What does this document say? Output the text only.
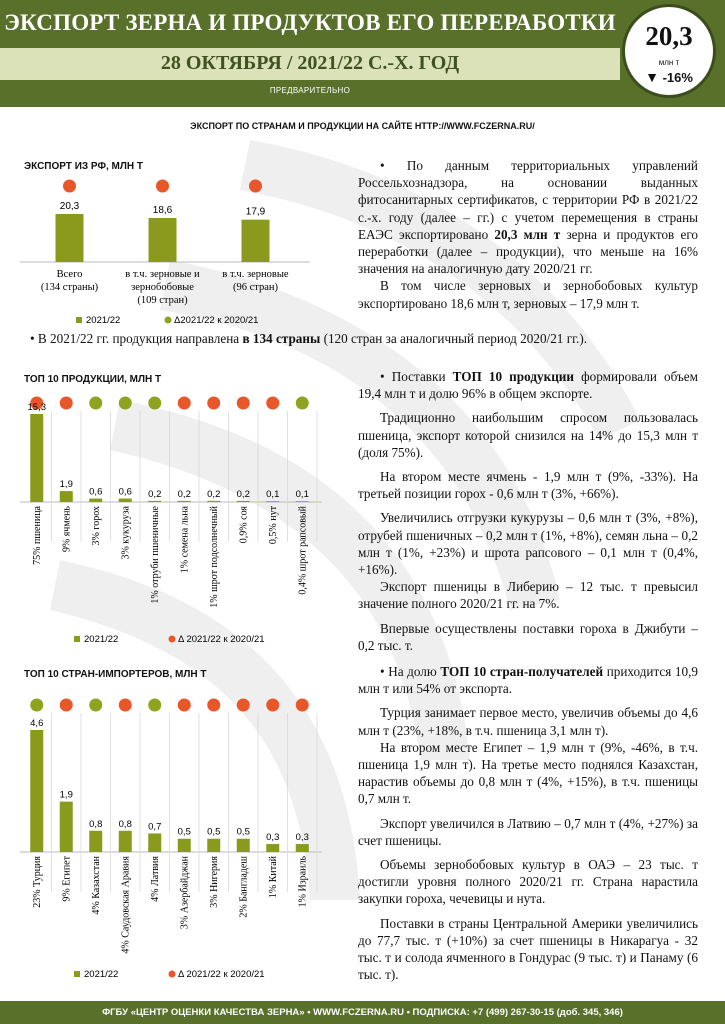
ЭКСПОРТ ЗЕРНА И ПРОДУКТОВ ЕГО ПЕРЕРАБОТКИ
28 ОКТЯБРЯ / 2021/22 С.-Х. ГОД
ПРЕДВАРИТЕЛЬНО
20,3
млн т
▼ -16%
ЭКСПОРТ ПО СТРАНАМ И ПРОДУКЦИИ НА САЙТЕ HTTP://WWW.FCZERNA.RU/
ЭКСПОРТ ИЗ РФ, МЛН Т
20,3
Всего (134 страны)
18,6
в т.ч. зерновые и зернобобовые (109 стран)
17,9
в т.ч. зерновые (96 стран)
2021/22	Δ2021/22 к 2020/21

• По данным территориальных управлений Россельхознадзора, на основании выданных фитосанитарных сертификатов, с территории РФ в 2021/22 с.-х. году (далее – гг.) с учетом перемещения в страны ЕАЭС экспортировано 20,3 млн т зерна и продуктов его переработки (далее – продукции), что меньше на 16% значения на аналогичную дату 2020/21 гг.

В том числе зерновых и зернобобовых культур экспортировано 18,6 млн т, зерновых – 17,9 млн т.

• В 2021/22 гг. продукция направлена в 134 страны (120 стран за аналогичный период 2020/21 гг.).
ТОП 10 ПРОДУКЦИИ, МЛН Т
15,3
75% пшеница
1,9
9% ячмень
0,6
3% горох
0,6
3% кукуруза
0,2
1% отруби пшеничные
0,2
1% семена льна
0,2
1% шрот подсолнечный
0,2
0,9% соя
0,1
0,5% нут
0,1
0,4% шрот рапсовый
2021/22	Δ 2021/22 к 2020/21

• Поставки ТОП 10 продукции формировали объем 19,4 млн т и долю 96% в общем экспорте.

Традиционно наибольшим спросом пользовалась пшеница, экспорт которой снизился на 14% до 15,3 млн т (доля 75%).

На втором месте ячмень - 1,9 млн т (9%, -33%). На третьей позиции горох - 0,6 млн т (3%, +66%).

Увеличились отгрузки кукурузы – 0,6 млн т (3%, +8%), отрубей пшеничных – 0,2 млн т (1%, +8%), семян льна – 0,2 млн т (1%, +23%) и шрота рапсового – 0,1 млн т (0,4%, +16%).

Экспорт пшеницы в Либерию – 12 тыс. т превысил значение полного 2020/21 гг. на 7%.

Впервые осуществлены поставки гороха в Джибути – 0,2 тыс. т.

ТОП 10 СТРАН-ИМПОРТЕРОВ, МЛН Т
4,6
23% Турция
1,9
9% Египет
0,8
4% Казахстан
0,8
4% Саудовская Аравия
0,7
4% Латвия
0,5
3% Азербайджан
0,5
3% Нигерия
0,5
2% Бангладеш
0,3
1% Китай
0,3
1% Израиль
2021/22	Δ 2021/22 к 2020/21

• На долю ТОП 10 стран-получателей приходится 10,9 млн т или 54% от экспорта.

Турция занимает первое место, увеличив объемы до 4,6 млн т (23%, +18%, в т.ч. пшеница 3,1 млн т).

На втором месте Египет – 1,9 млн т (9%, -46%, в т.ч. пшеница 1,9 млн т). На третье место поднялся Казахстан, нарастив объемы до 0,8 млн т (4%, +15%), в т.ч. пшеницы 0,7 млн т.

Экспорт увеличился в Латвию – 0,7 млн т (4%, +27%) за счет пшеницы.

Объемы зернобобовых культур в ОАЭ – 23 тыс. т достигли уровня полного 2020/21 гг. Страна нарастила закупки гороха, чечевицы и нута.

Поставки в страны Центральной Америки увеличились до 77,7 тыс. т (+10%) за счет пшеницы в Никарагуа - 32 тыс. т и солода ячменного в Гондурас (9 тыс. т) и Панаму (6 тыс. т).

ФГБУ «ЦЕНТР ОЦЕНКИ КАЧЕСТВА ЗЕРНА» • WWW.FCZERNA.RU • ПОДПИСКА: +7 (499) 267-30-15 (доб. 345, 346)
